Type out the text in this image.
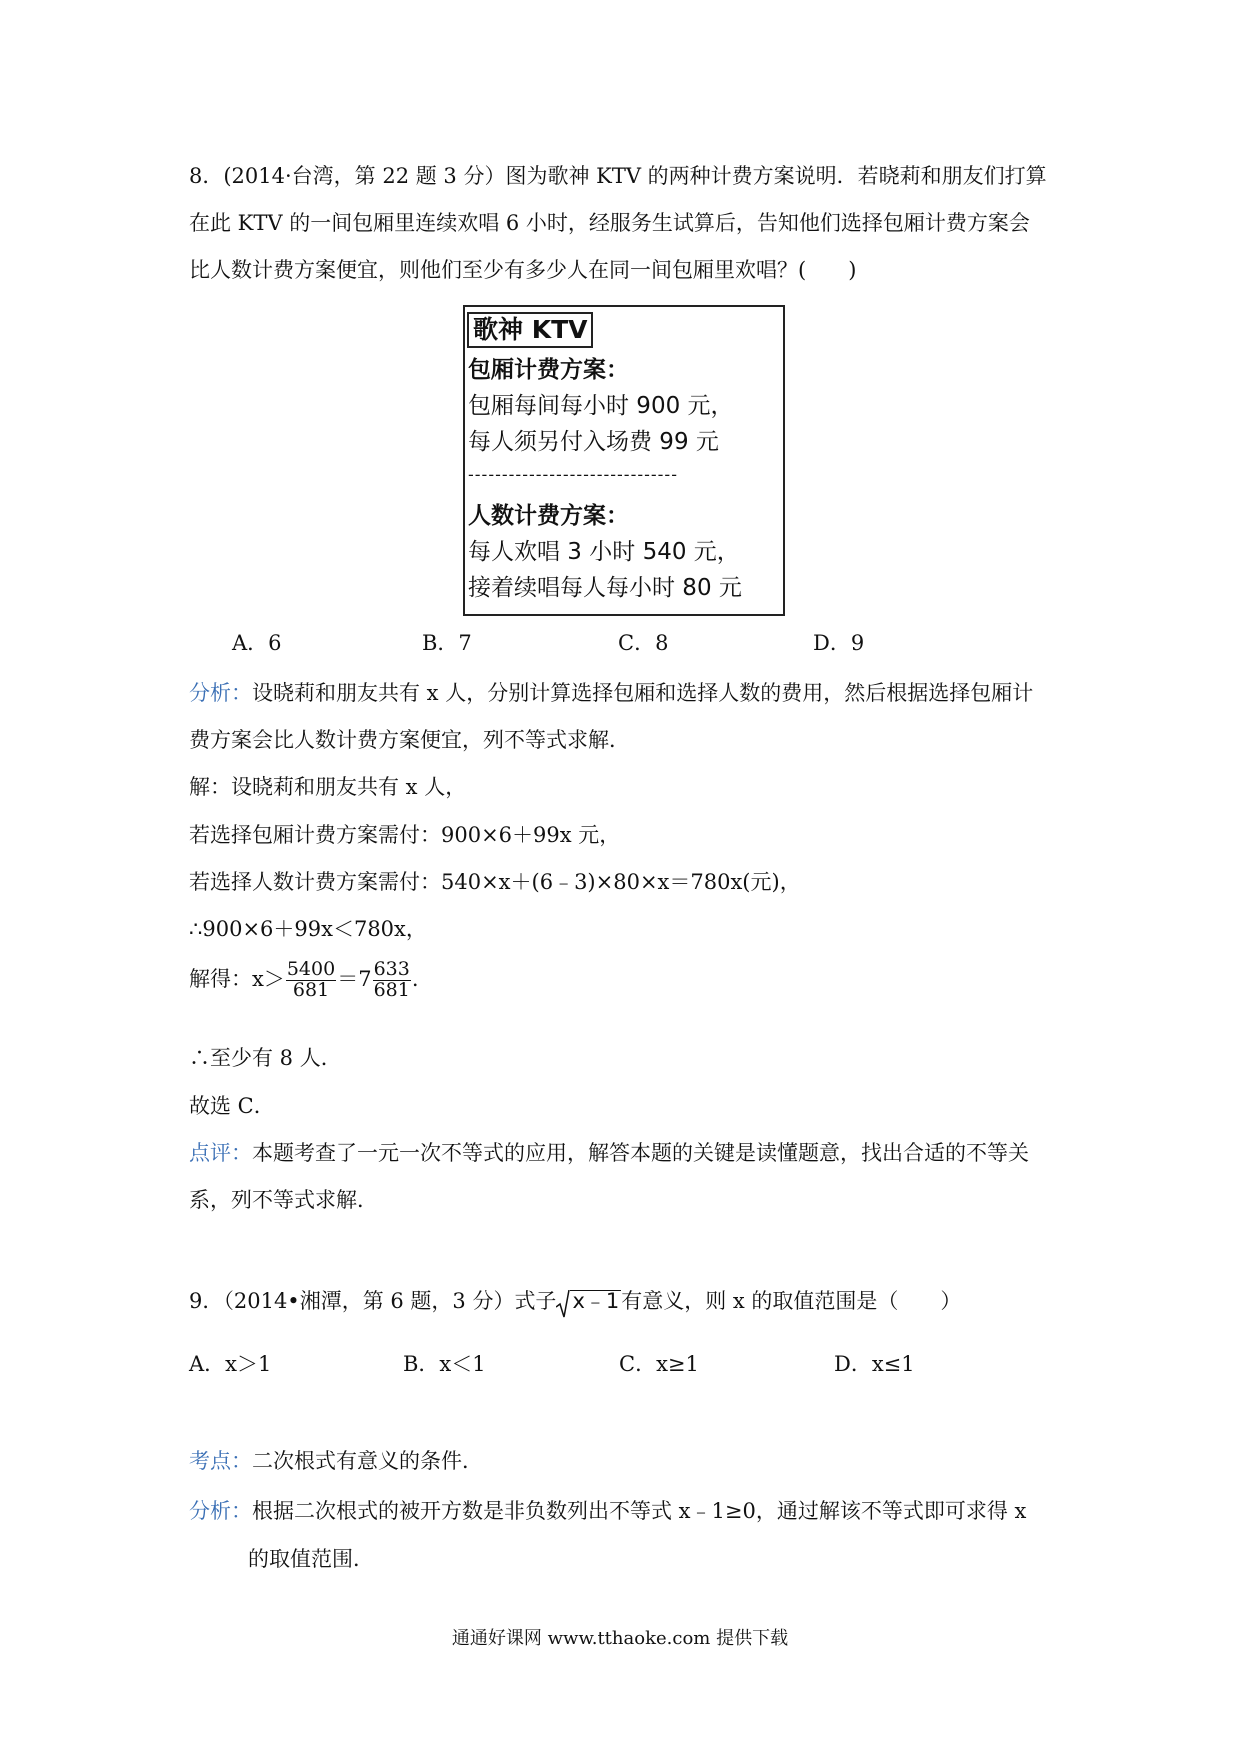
8．(2014·台湾，第 22 题 3 分）图为歌神 KTV 的两种计费方案说明．若晓莉和朋友们打算
在此 KTV 的一间包厢里连续欢唱 6 小时，经服务生试算后，告知他们选择包厢计费方案会
比人数计费方案便宜，则他们至少有多少人在同一间包厢里欢唱？(　　)
歌神 KTV
包厢计费方案：
包厢每间每小时 900 元，
每人须另付入场费 99 元
-------------------------------
人数计费方案：
每人欢唱 3 小时 540 元，
接着续唱每人每小时 80 元
A．6	B．7	C．8	D．9
分析：设晓莉和朋友共有 x 人，分别计算选择包厢和选择人数的费用，然后根据选择包厢计
费方案会比人数计费方案便宜，列不等式求解．
解：设晓莉和朋友共有 x 人，
若选择包厢计费方案需付：900×6＋99x 元，
若选择人数计费方案需付：540×x＋(6﹣3)×80×x＝780x(元)，
∴900×6＋99x＜780x，
解得：$x> \frac{5400}{681} =7 \frac{633}{681}$ .
∴至少有 8 人．
故选 C．
点评：本题考查了一元一次不等式的应用，解答本题的关键是读懂题意，找出合适的不等关
系，列不等式求解．
9．（2014•湘潭，第 6 题，3 分）式子 x﹣1有意义，则 x 的取值范围是（　　）
A．x＞1	B．x＜1	C．x≥1	D．x≤1
考点：二次根式有意义的条件．
分析：根据二次根式的被开方数是非负数列出不等式 x﹣1≥0，通过解该不等式即可求得 x
的取值范围．
通通好课网 www.tthaoke.com 提供下载
